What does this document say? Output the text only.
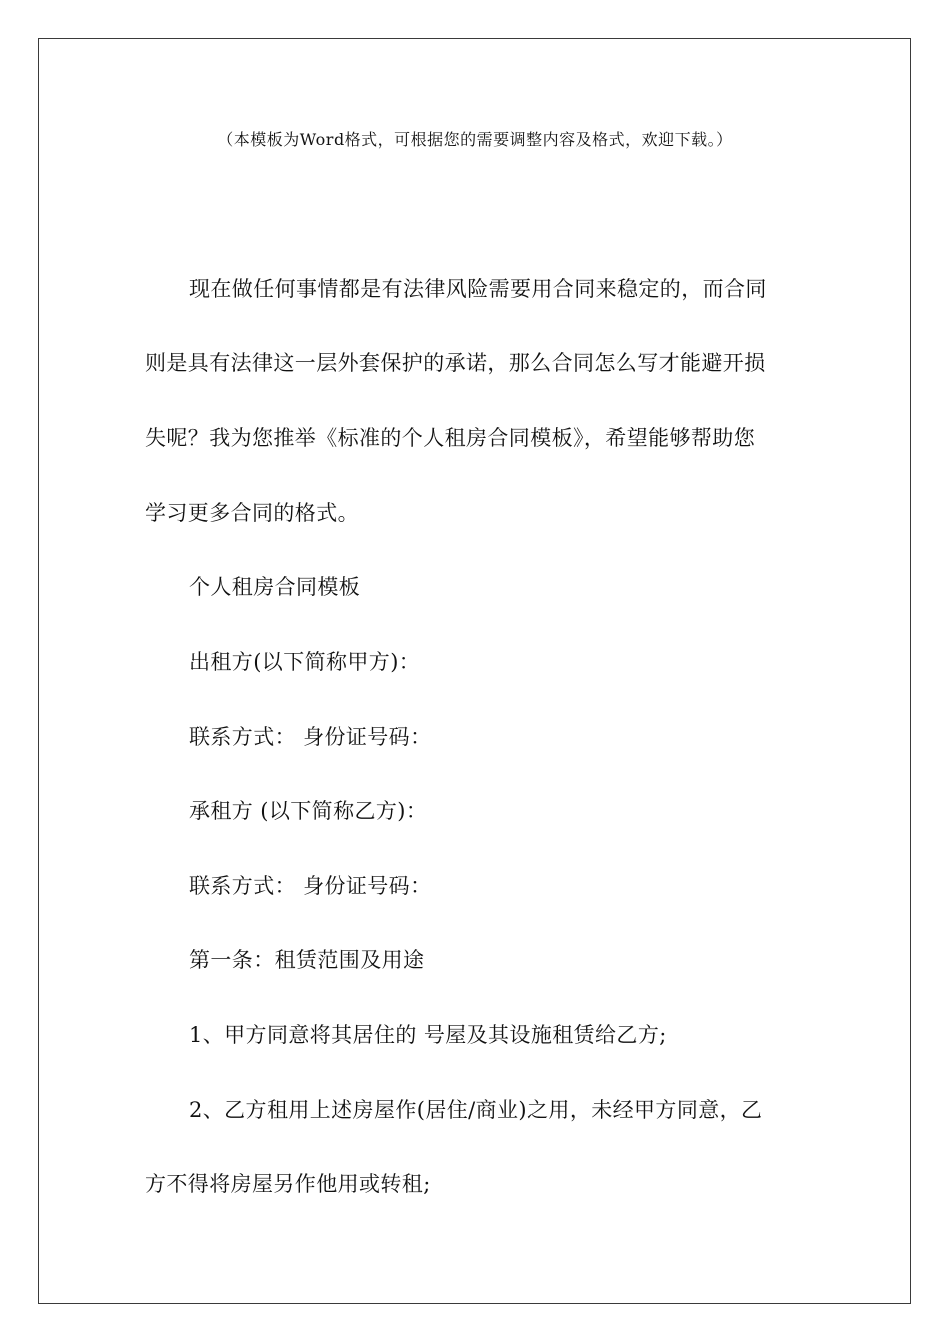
（本模板为Word格式，可根据您的需要调整内容及格式，欢迎下载。）
现在做任何事情都是有法律风险需要用合同来稳定的，而合同
则是具有法律这一层外套保护的承诺，那么合同怎么写才能避开损
失呢？我为您推举《标准的个人租房合同模板》，希望能够帮助您
学习更多合同的格式。
个人租房合同模板
出租方(以下简称甲方)：
联系方式： 身份证号码：
承租方 (以下简称乙方)：
联系方式： 身份证号码：
第一条：租赁范围及用途
1、甲方同意将其居住的 号屋及其设施租赁给乙方;
2、乙方租用上述房屋作(居住/商业)之用，未经甲方同意，乙
方不得将房屋另作他用或转租;
